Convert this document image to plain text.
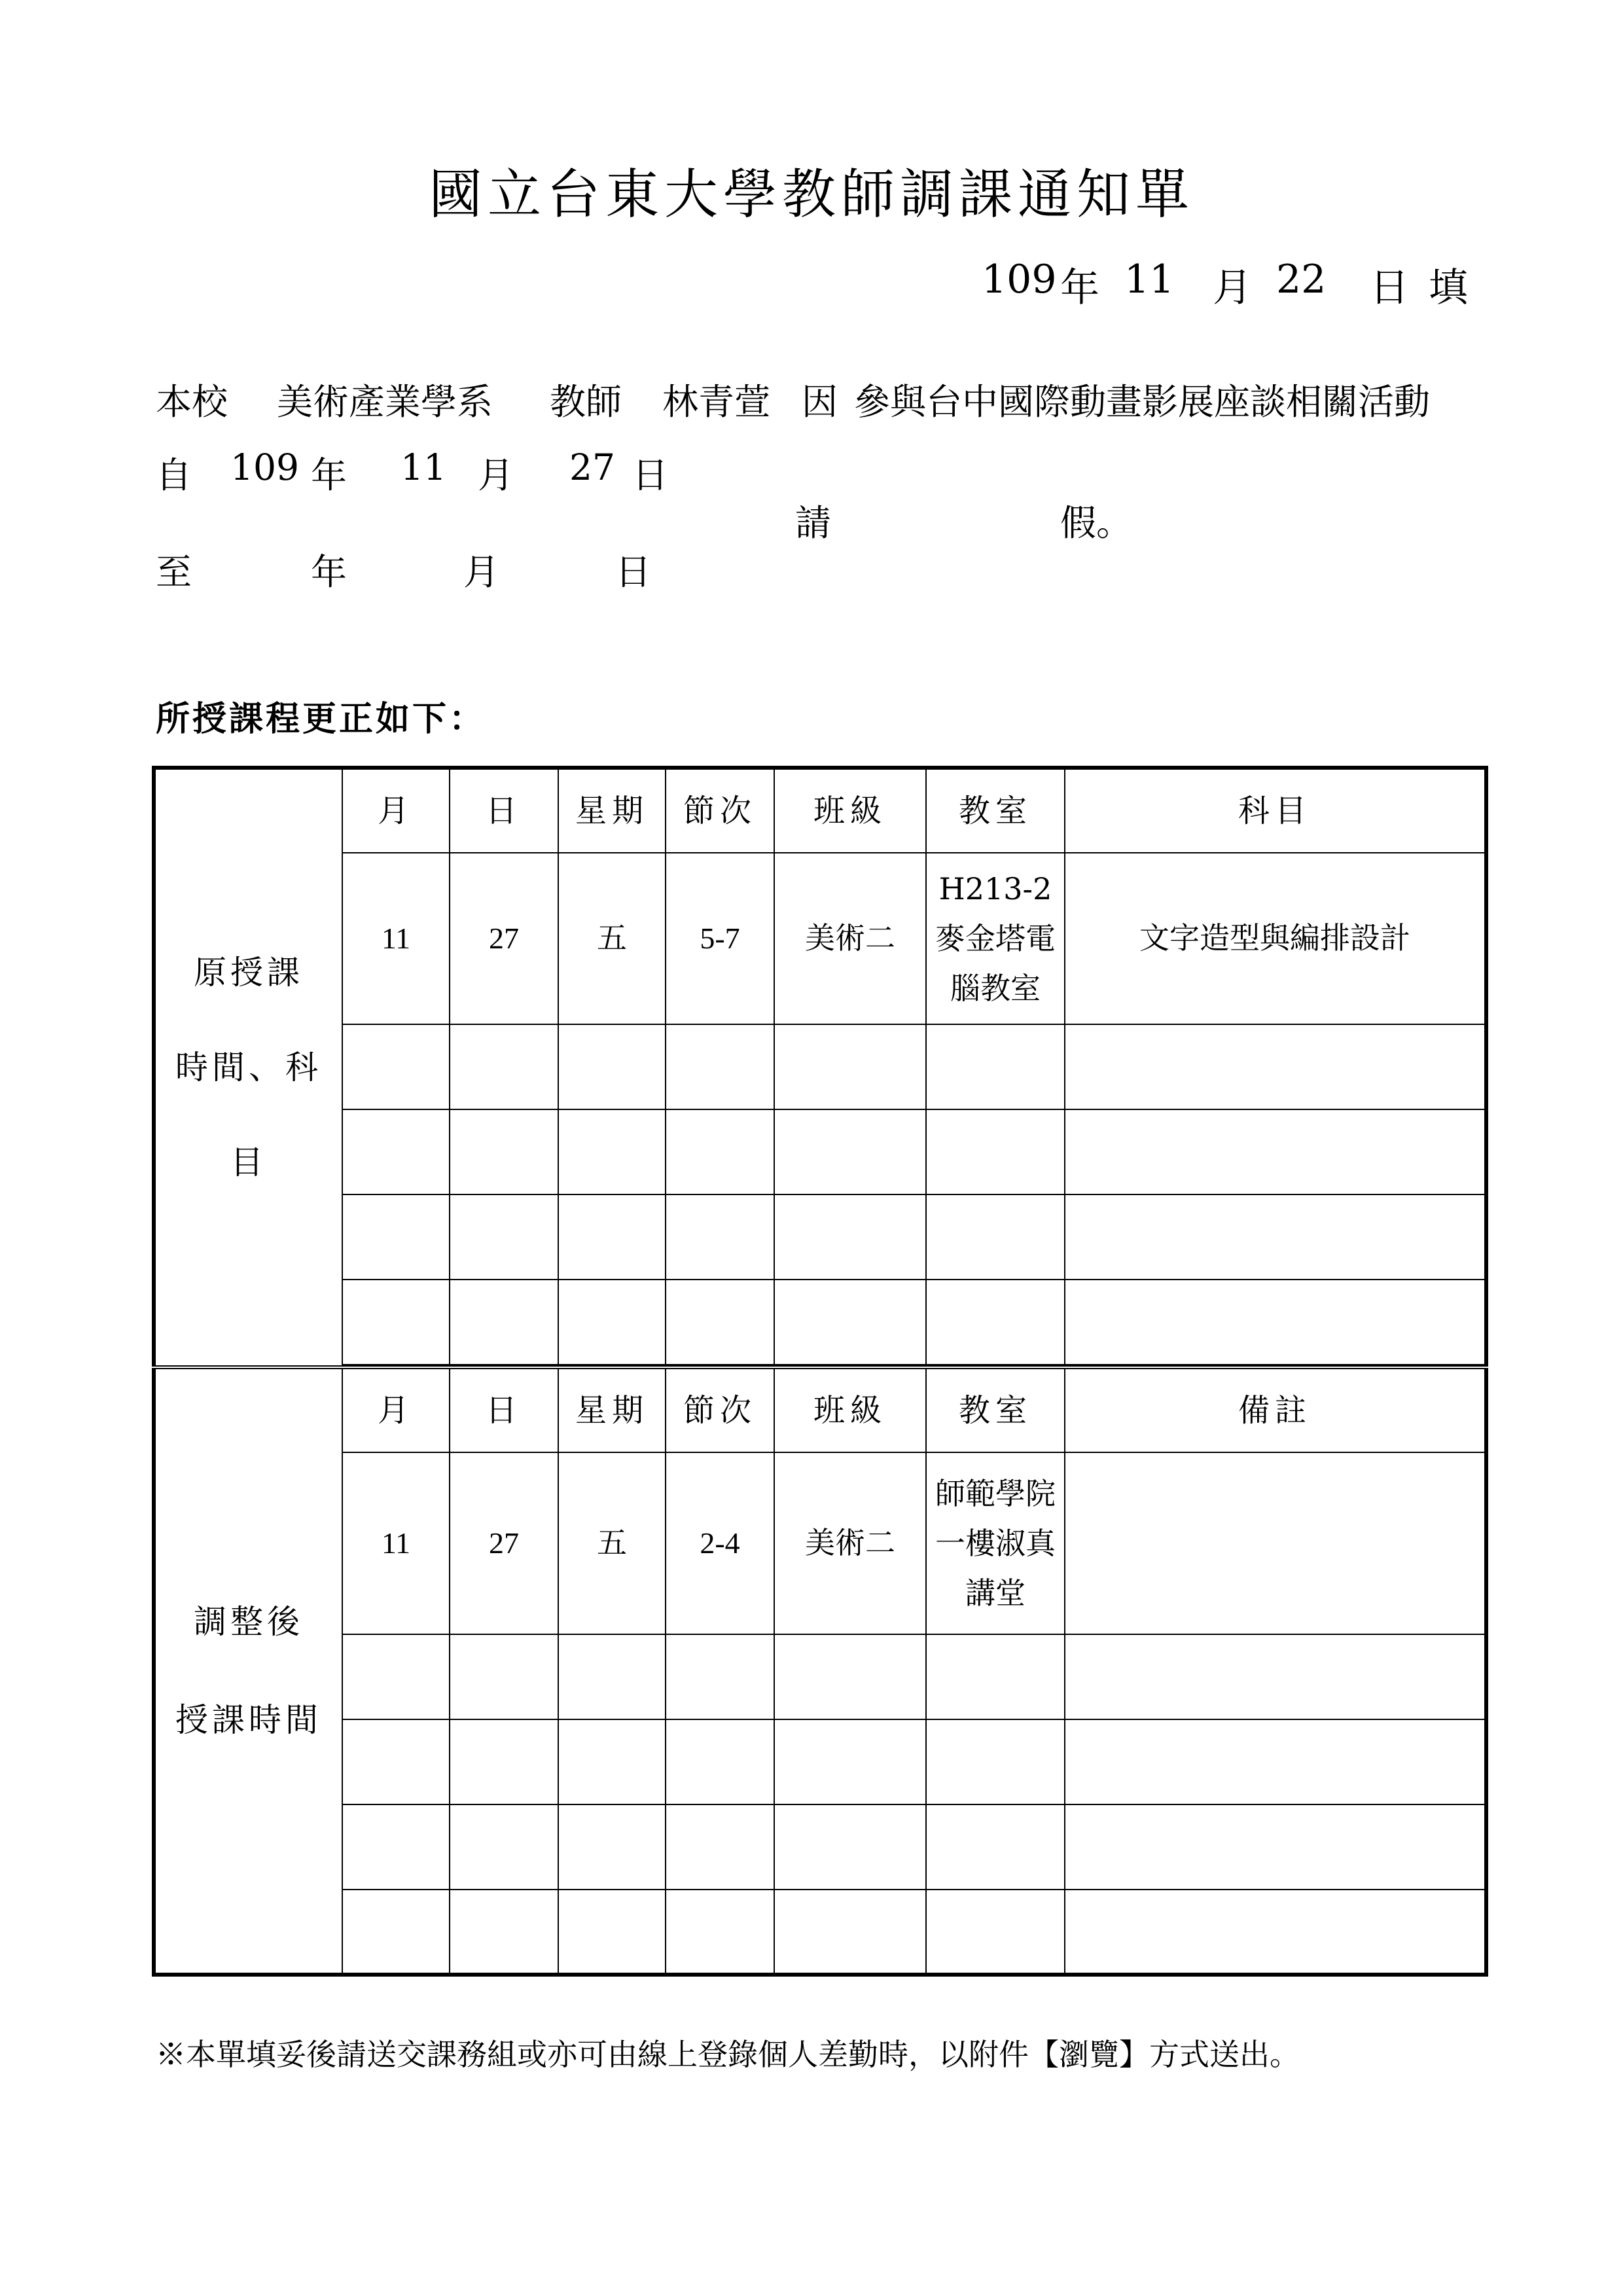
國立台東大學教師調課通知單
109 年 11 月 22 日 填
本校 美術產業學系 教師 林青萱 因 參與台中國際動畫影展座談相關活動
自 109 年 11 月 27 日
請	假。
至	年	月	日
所授課程更正如下：
原授課
時間、科
目	月	日	星期	節次	班級	教室	科目
	11	27	五	5-7	美術二	H213-2
麥金塔電
腦教室	文字造型與編排設計

調整後
授課時間	月	日	星期	節次	班級	教室	備註
	11	27	五	2-4	美術二	師範學院
一樓淑真
講堂	

※本單填妥後請送交課務組或亦可由線上登錄個人差勤時，以附件【瀏覽】方式送出。
